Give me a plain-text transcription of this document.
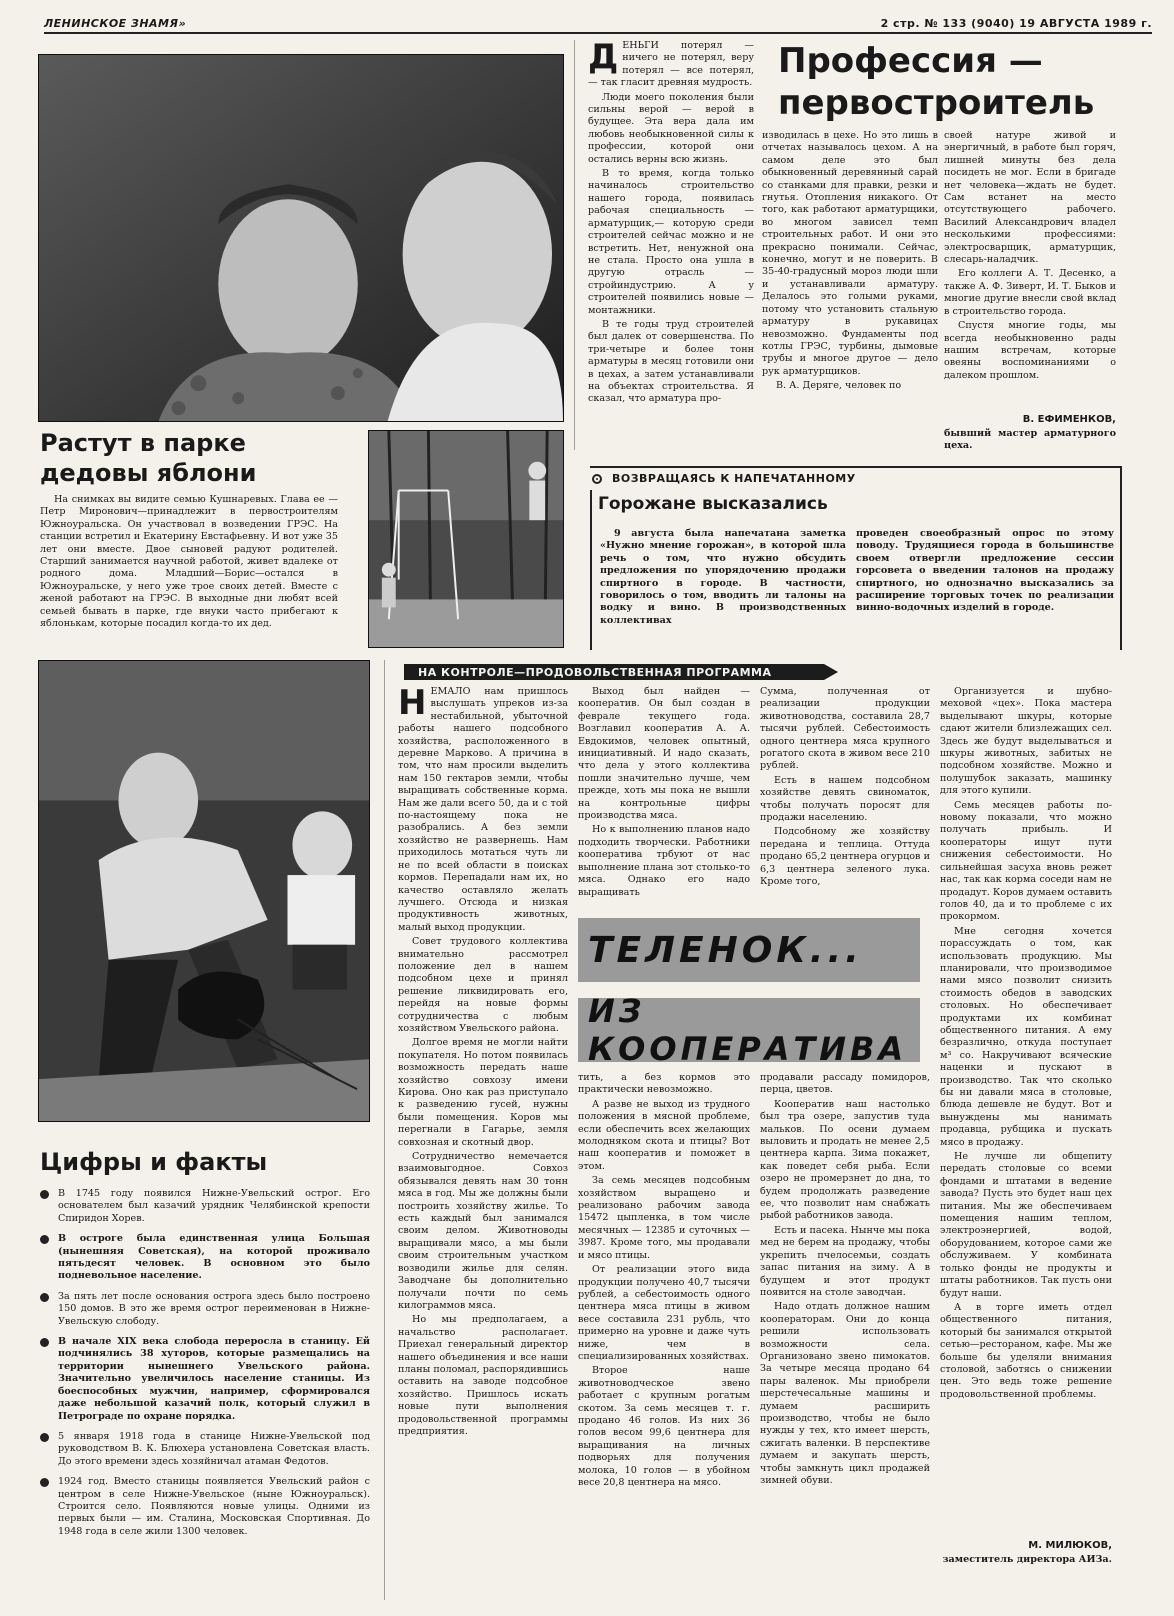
ЛЕНИНСКОЕ ЗНАМЯ»	2 стр. № 133 (9040) 19 АВГУСТА 1989 г.
Растут в парке дедовы яблони

На снимках вы видите семью Кушнаревых. Глава ее — Петр Миронович—принадлежит в первостроителям Южноуральска. Он участвовал в возведении ГРЭС. На станции встретил и Екатерину Евстафьевну. И вот уже 35 лет они вместе. Двое сыновей радуют родителей. Старший занимается научной работой, живет вдалеке от родного дома. Младший—Борис—остался в Южноуральске, у него уже трое своих детей. Вместе с женой работают на ГРЭС. В выходные дни любят всей семьей бывать в парке, где внуки часто прибегают к яблонькам, которые посадил когда-то их дед.

Профессия —
первостроитель

ДЕНЬГИ потерял — ничего не потерял, веру потерял — все потерял, — так гласит древняя мудрость.

Люди моего поколения были сильны верой — верой в будущее. Эта вера дала им любовь необыкновенной силы к профессии, которой они остались верны всю жизнь.

В то время, когда только начиналось строительство нашего города, появилась рабочая специальность — арматурщик,— которую среди строителей сейчас можно и не встретить. Нет, ненужной она не стала. Просто она ушла в другую отрасль — стройиндустрию. А у строителей появились новые — монтажники.

В те годы труд строителей был далек от совершенства. По три-четыре и более тонн арматуры в месяц готовили они в цехах, а затем устанавливали на объектах строительства. Я сказал, что арматура про-

изводилась в цехе. Но это лишь в отчетах называлось цехом. А на самом деле это был обыкновенный деревянный сарай со станками для правки, резки и гнутья. Отопления никакого. От того, как работают арматурщики, во многом зависел темп строительных работ. И они это прекрасно понимали. Сейчас, конечно, могут и не поверить. В 35-40-градусный мороз люди шли и устанавливали арматуру. Делалось это голыми руками, потому что установить стальную арматуру в рукавицах невозможно. Фундаменты под котлы ГРЭС, турбины, дымовые трубы и многое другое — дело рук арматурщиков.

В. А. Деряге, человек по

своей натуре живой и энергичный, в работе был горяч, лишней минуты без дела посидеть не мог. Если в бригаде нет человека—ждать не будет. Сам встанет на место отсутствующего рабочего. Василий Александрович владел несколькими профессиями: электросварщик, арматурщик, слесарь-наладчик.

Его коллеги А. Т. Десенко, а также А. Ф. Зиверт, И. Т. Быков и многие другие внесли свой вклад в строительство города.

Спустя многие годы, мы всегда необыкновенно рады нашим встречам, которые овеяны воспоминаниями о далеком прошлом.

В. ЕФИМЕНКОВ,

бывший мастер арматурного цеха.

ВОЗВРАЩАЯСЬ К НАПЕЧАТАННОМУ
Горожане высказались

9 августа была напечатана заметка «Нужно мнение горожан», в которой шла речь о том, что нужно обсудить предложения по упорядочению продажи спиртного в городе. В частности, говорилось о том, вводить ли талоны на водку и вино. В производственных коллективах

проведен своеобразный опрос по этому поводу. Трудящиеся города в большинстве своем отвергли предложение сессии горсовета о введении талонов на продажу спиртного, но однозначно высказались за расширение торговых точек по реализации винно-водочных изделий в городе.

Цифры и факты
В 1745 году появился Нижне-Увельский острог. Его основателем был казачий урядник Челябинской крепости Спиридон Хорев.
В остроге была единственная улица Большая (нынешняя Советская), на которой проживало пятьдесят человек. В основном это было подневольное население.
За пять лет после основания острога здесь было построено 150 домов. В это же время острог переименован в Нижне-Увельскую слободу.
В начале XIX века слобода переросла в станицу. Ей подчинялись 38 хуторов, которые размещались на территории нынешнего Увельского района. Значительно увеличилось население станицы. Из боеспособных мужчин, например, сформировался даже небольшой казачий полк, который служил в Петрограде по охране порядка.
5 января 1918 года в станице Нижне-Увельской под руководством В. К. Блюхера установлена Советская власть. До этого времени здесь хозяйничал атаман Федотов.
1924 год. Вместо станицы появляется Увельский район с центром в селе Нижне-Увельское (ныне Южноуральск). Строится село. Появляются новые улицы. Одними из первых были — им. Сталина, Московская Спортивная. До 1948 года в селе жили 1300 человек.
НА КОНТРОЛЕ—ПРОДОВОЛЬСТВЕННАЯ ПРОГРАММА

НЕМАЛО нам пришлось выслушать упреков из-за нестабильной, убыточной работы нашего подсобного хозяйства, расположенного в деревне Марково. А причина в том, что нам просили выделить нам 150 гектаров земли, чтобы выращивать собственные корма. Нам же дали всего 50, да и с той по-настоящему пока не разобрались. А без земли хозяйство не развернешь. Нам приходилось мотаться чуть ли не по всей области в поисках кормов. Перепадали нам их, но качество оставляло желать лучшего. Отсюда и низкая продуктивность животных, малый выход продукции.

Совет трудового коллектива внимательно рассмотрел положение дел в нашем подсобном цехе и принял решение ликвидировать его, перейдя на новые формы сотрудничества с любым хозяйством Увельского района.

Долгое время не могли найти покупателя. Но потом появилась возможность передать наше хозяйство совхозу имени Кирова. Оно как раз приступало к разведению гусей, нужны были помещения. Коров мы перегнали в Гагарье, земля совхозная и скотный двор.

Сотрудничество немечается взаимовыгодное. Совхоз обязывался девять нам 30 тонн мяса в год. Мы же должны были построить хозяйству жилье. То есть каждый был занимался своим делом. Животноводы выращивали мясо, а мы были своим строительным участком возводили жилье для селян. Заводчане бы дополнительно получали почти по семь килограммов мяса.

Но мы предполагаем, а начальство располагает. Приехал генеральный директор нашего объединения и все наши планы поломал, распорядившись оставить на заводе подсобное хозяйство. Пришлось искать новые пути выполнения продовольственной программы предприятия.

Выход был найден — кооператив. Он был создан в феврале текущего года. Возглавил кооператив А. А. Евдокимов, человек опытный, инициативный. И надо сказать, что дела у этого коллектива пошли значительно лучше, чем прежде, хоть мы пока не вышли на контрольные цифры производства мяса.

Но к выполнению планов надо подходить творчески. Работники кооператива трбуют от нас выполнение плана зот столько-то мяса. Однако его надо выращивать

Сумма, полученная от реализации продукции животноводства, составила 28,7 тысячи рублей. Себестоимость одного центнера мяса крупного рогатого скота в живом весе 210 рублей.

Есть в нашем подсобном хозяйстве девять свиноматок, чтобы получать поросят для продажи населению.

Подсобному же хозяйству передана и теплица. Оттуда продано 65,2 центнера огурцов и 6,3 центнера зеленого лука. Кроме того,

ТЕЛЕНОК...
ИЗ КООПЕРАТИВА

тить, а без кормов это практически невозможно.

А разве не выход из трудного положения в мясной проблеме, если обеспечить всех желающих молодняком скота и птицы? Вот наш кооператив и поможет в этом.

За семь месяцев подсобным хозяйством выращено и реализовано рабочим завода 15472 цыпленка, в том числе месячных — 12385 и суточных — 3987. Кроме того, мы продавали и мясо птицы.

От реализации этого вида продукции получено 40,7 тысячи рублей, а себестоимость одного центнера мяса птицы в живом весе составила 231 рубль, что примерно на уровне и даже чуть ниже, чем в специализированных хозяйствах.

Второе наше животноводческое звено работает с крупным рогатым скотом. За семь месяцев т. г. продано 46 голов. Из них 36 голов весом 99,6 центнера для выращивания на личных подворьях для получения молока, 10 голов — в убойном весе 20,8 центнера на мясо.

продавали рассаду помидоров, перца, цветов.

Кооператив наш настолько был тра озере, запустив туда мальков. По осени думаем выловить и продать не менее 2,5 центнера карпа. Зима покажет, как поведет себя рыба. Если озеро не промерзнет до дна, то будем продолжать разведение ее, что позволит нам снабжать рыбой работников завода.

Есть и пасека. Нынче мы пока мед не берем на продажу, чтобы укрепить пчелосемьи, создать запас питания на зиму. А в будущем и этот продукт появится на столе заводчан.

Надо отдать должное нашим кооператорам. Они до конца решили использовать возможности села. Организовано звено пимокатов. За четыре месяца продано 64 пары валенок. Мы приобрели шерстечесальные машины и думаем расширить производство, чтобы не было нужды у тех, кто имеет шерсть, сжигать валенки. В перспективе думаем и закупать шерсть, чтобы замкнуть цикл продажей зимней обуви.

Организуется и шубно-меховой «цех». Пока мастера выделывают шкуры, которые сдают жители близлежащих сел. Здесь же будут выделываться и шкуры животных, забитых не подсобном хозяйстве. Можно и полушубок заказать, машинку для этого купили.

Семь месяцев работы по-новому показали, что можно получать прибыль. И кооператоры ищут пути снижения себестоимости. Но сильнейшая засуха вновь режет нас, так как корма соседи нам не продадут. Коров думаем оставить голов 40, да и то проблеме с их прокормом.

Мне сегодня хочется порассуждать о том, как использовать продукцию. Мы планировали, что производимое нами мясо позволит снизить стоимость обедов в заводских столовых. Но обеспечивает продуктами их комбинат общественного питания. А ему безразлично, откуда поступает м³ со. Накручивают всяческие наценки и пускают в производство. Так что сколько бы ни давали мяса в столовые, блюда дешевле не будут. Вот и вынуждены мы нанимать продавца, рубщика и пускать мясо в продажу.

Не лучше ли общепиту передать столовые со всеми фондами и штатами в ведение завода? Пусть это будет наш цех питания. Мы же обеспечиваем помещения нашим теплом, электроэнергией, водой, оборудованием, которое сами же обслуживаем. У комбината только фонды не продукты и штаты работников. Так пусть они будут наши.

А в торге иметь отдел общественного питания, который бы занимался открытой сетью—рестораном, кафе. Мы же больше бы уделяли внимания столовой, заботясь о снижении цен. Это ведь тоже решение продовольственной проблемы.

М. МИЛЮКОВ,

заместитель директора АИЗа.
